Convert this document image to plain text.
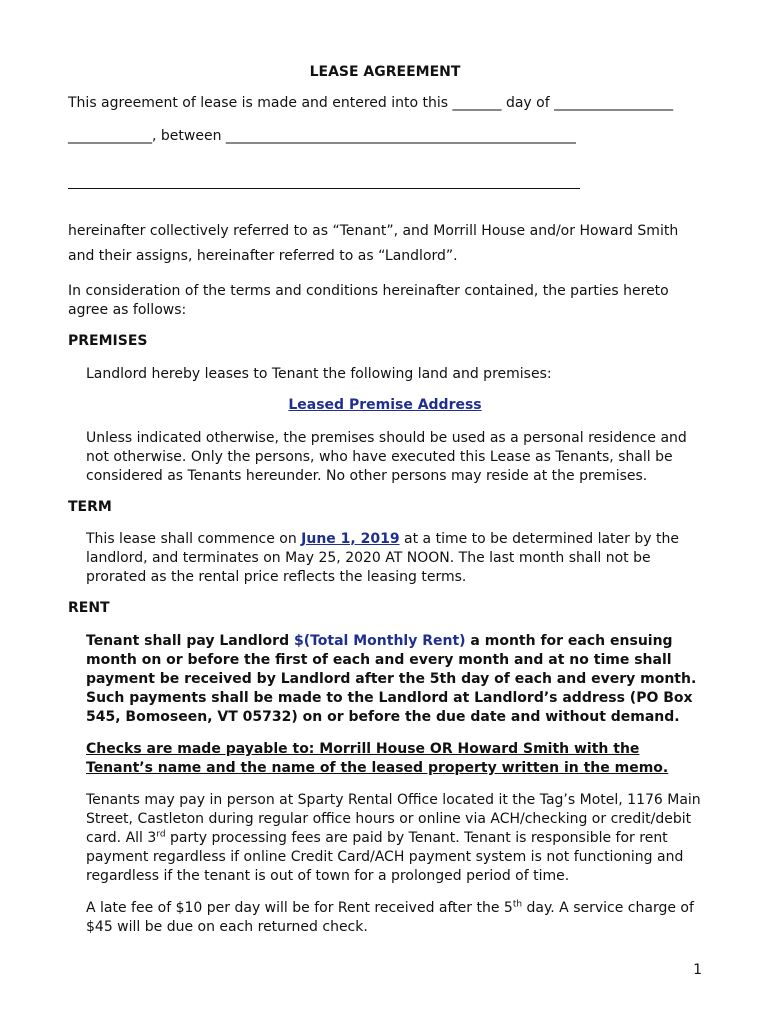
LEASE AGREEMENT
This agreement of lease is made and entered into this _______ day of _________________
____________, between __________________________________________________
hereinafter collectively referred to as “Tenant”, and Morrill House and/or Howard Smith and their assigns, hereinafter referred to as “Landlord”.
In consideration of the terms and conditions hereinafter contained, the parties hereto agree as follows:
PREMISES
Landlord hereby leases to Tenant the following land and premises:
Leased Premise Address
Unless indicated otherwise, the premises should be used as a personal residence and not otherwise. Only the persons, who have executed this Lease as Tenants, shall be considered as Tenants hereunder. No other persons may reside at the premises.
TERM
This lease shall commence on June 1, 2019 at a time to be determined later by the landlord, and terminates on May 25, 2020 AT NOON. The last month shall not be prorated as the rental price reflects the leasing terms.
RENT
Tenant shall pay Landlord $(Total Monthly Rent) a month for each ensuing month on or before the first of each and every month and at no time shall payment be received by Landlord after the 5th day of each and every month. Such payments shall be made to the Landlord at Landlord’s address (PO Box 545, Bomoseen, VT 05732) on or before the due date and without demand.
Checks are made payable to: Morrill House OR Howard Smith with the Tenant’s name and the name of the leased property written in the memo.
Tenants may pay in person at Sparty Rental Office located it the Tag’s Motel, 1176 Main Street, Castleton during regular office hours or online via ACH/checking or credit/debit card. All 3rd party processing fees are paid by Tenant. Tenant is responsible for rent payment regardless if online Credit Card/ACH payment system is not functioning and regardless if the tenant is out of town for a prolonged period of time.
A late fee of $10 per day will be for Rent received after the 5th day. A service charge of $45 will be due on each returned check.
1
